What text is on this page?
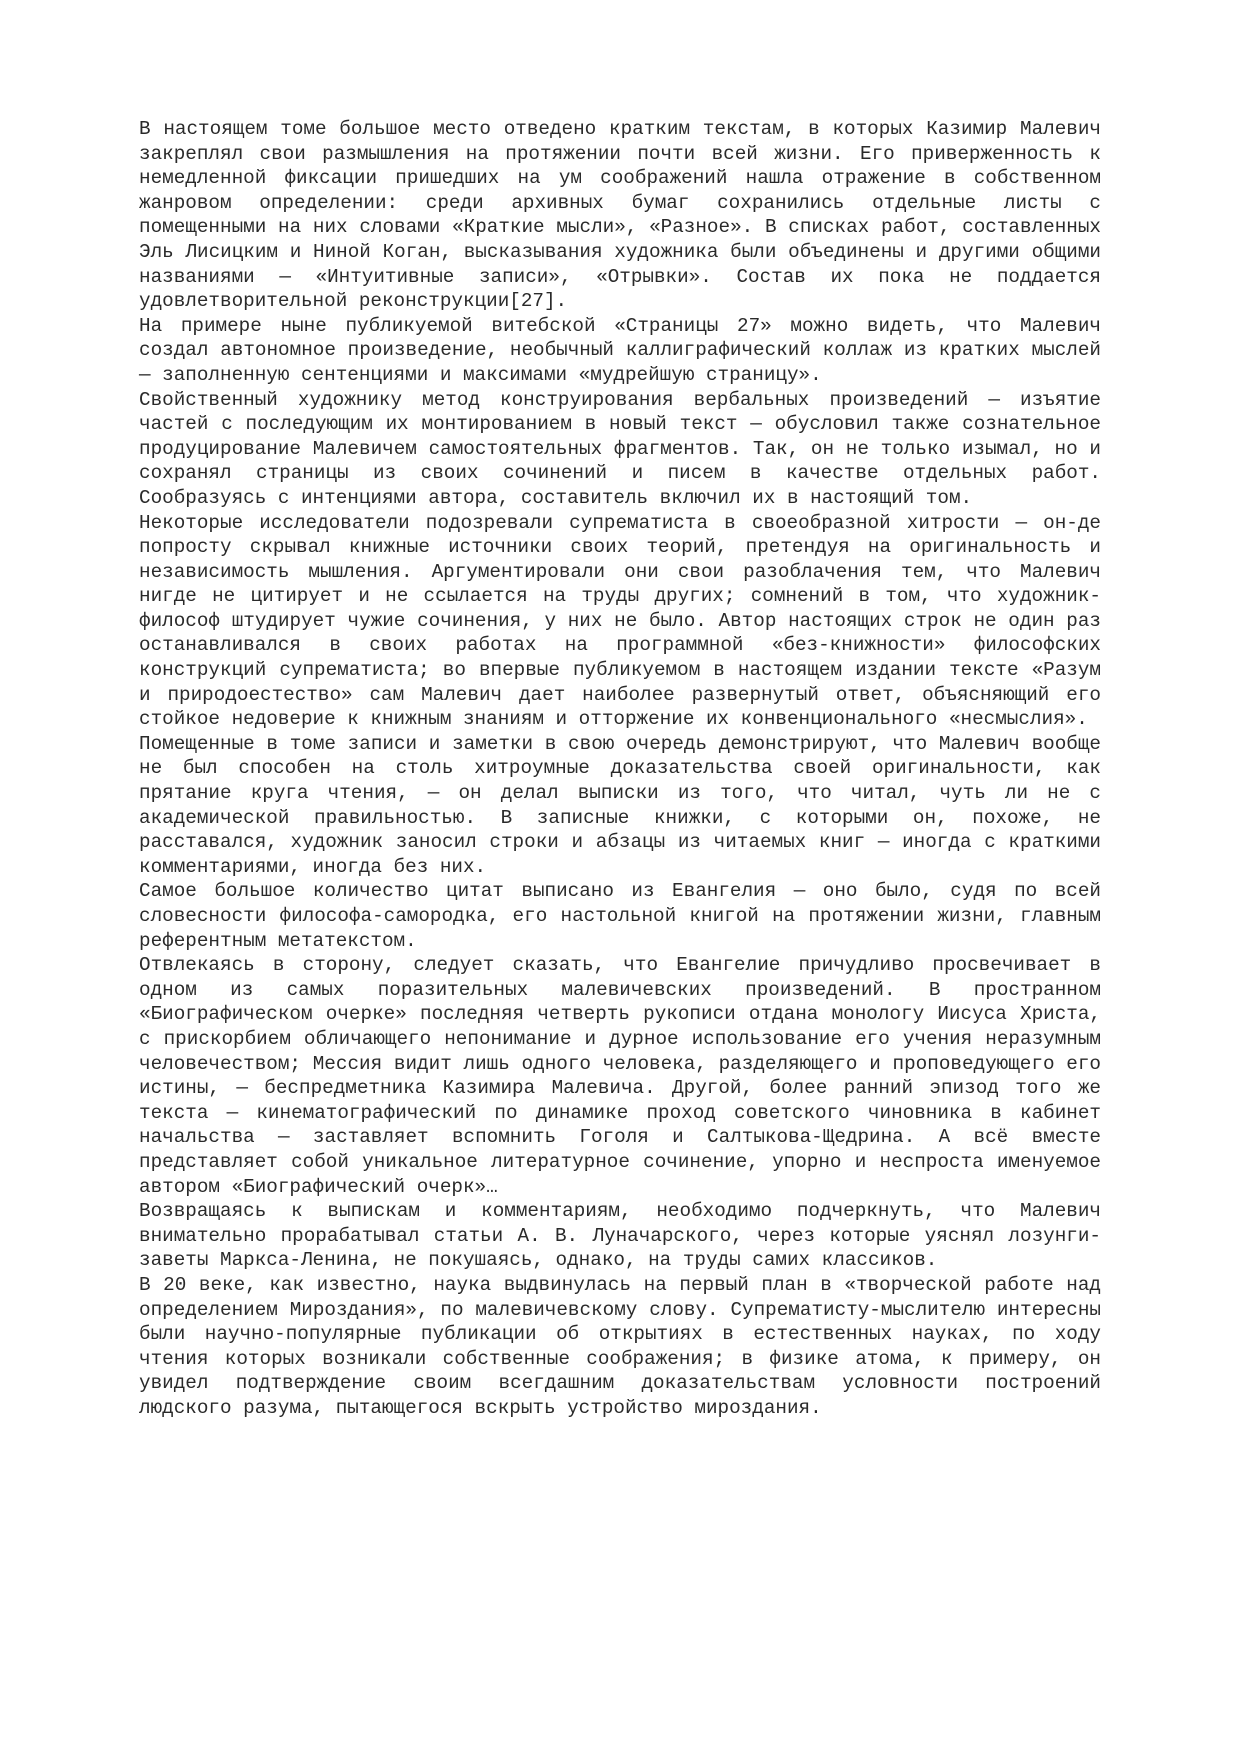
В настоящем томе большое место отведено кратким текстам, в которых Казимир Малевич закреплял свои размышления на протяжении почти всей жизни. Его приверженность к немедленной фиксации пришедших на ум соображений нашла отражение в собственном жанровом определении: среди архивных бумаг сохранились отдельные листы с помещенными на них словами «Краткие мысли», «Разное». В списках работ, составленных Эль Лисицким и Ниной Коган, высказывания художника были объединены и другими общими названиями — «Интуитивные записи», «Отрывки». Состав их пока не поддается удовлетворительной реконструкции[27].

На примере ныне публикуемой витебской «Страницы 27» можно видеть, что Малевич создал автономное произведение, необычный каллиграфический коллаж из кратких мыслей — заполненную сентенциями и максимами «мудрейшую страницу».

Свойственный художнику метод конструирования вербальных произведений — изъятие частей с последующим их монтированием в новый текст — обусловил также сознательное продуцирование Малевичем самостоятельных фрагментов. Так, он не только изымал, но и сохранял страницы из своих сочинений и писем в качестве отдельных работ. Сообразуясь с интенциями автора, составитель включил их в настоящий том.

Некоторые исследователи подозревали супрематиста в своеобразной хитрости — он-де попросту скрывал книжные источники своих теорий, претендуя на оригинальность и независимость мышления. Аргументировали они свои разоблачения тем, что Малевич нигде не цитирует и не ссылается на труды других; сомнений в том, что художник-философ штудирует чужие сочинения, у них не было. Автор настоящих строк не один раз останавливался в своих работах на программной «без-книжности» философских конструкций супрематиста; во впервые публикуемом в настоящем издании тексте «Разум и природоестество» сам Малевич дает наиболее развернутый ответ, объясняющий его стойкое недоверие к книжным знаниям и отторжение их конвенционального «несмыслия».

Помещенные в томе записи и заметки в свою очередь демонстрируют, что Малевич вообще не был способен на столь хитроумные доказательства своей оригинальности, как прятание круга чтения, — он делал выписки из того, что читал, чуть ли не с академической правильностью. В записные книжки, с которыми он, похоже, не расставался, художник заносил строки и абзацы из читаемых книг — иногда с краткими комментариями, иногда без них.

Самое большое количество цитат выписано из Евангелия — оно было, судя по всей словесности философа-самородка, его настольной книгой на протяжении жизни, главным референтным метатекстом.

Отвлекаясь в сторону, следует сказать, что Евангелие причудливо просвечивает в одном из самых поразительных малевичевских произведений. В пространном «Биографическом очерке» последняя четверть рукописи отдана монологу Иисуса Христа, с прискорбием обличающего непонимание и дурное использование его учения неразумным человечеством; Мессия видит лишь одного человека, разделяющего и проповедующего его истины, — беспредметника Казимира Малевича. Другой, более ранний эпизод того же текста — кинематографический по динамике проход советского чиновника в кабинет начальства — заставляет вспомнить Гоголя и Салтыкова-Щедрина. А всё вместе представляет собой уникальное литературное сочинение, упорно и неспроста именуемое автором «Биографический очерк»…

Возвращаясь к выпискам и комментариям, необходимо подчеркнуть, что Малевич внимательно прорабатывал статьи А. В. Луначарского, через которые уяснял лозунги-заветы Маркса-Ленина, не покушаясь, однако, на труды самих классиков.

В 20 веке, как известно, наука выдвинулась на первый план в «творческой работе над определением Мироздания», по малевичевскому слову. Супрематисту-мыслителю интересны были научно-популярные публикации об открытиях в естественных науках, по ходу чтения которых возникали собственные соображения; в физике атома, к примеру, он увидел подтверждение своим всегдашним доказательствам условности построений людского разума, пытающегося вскрыть устройство мироздания.
